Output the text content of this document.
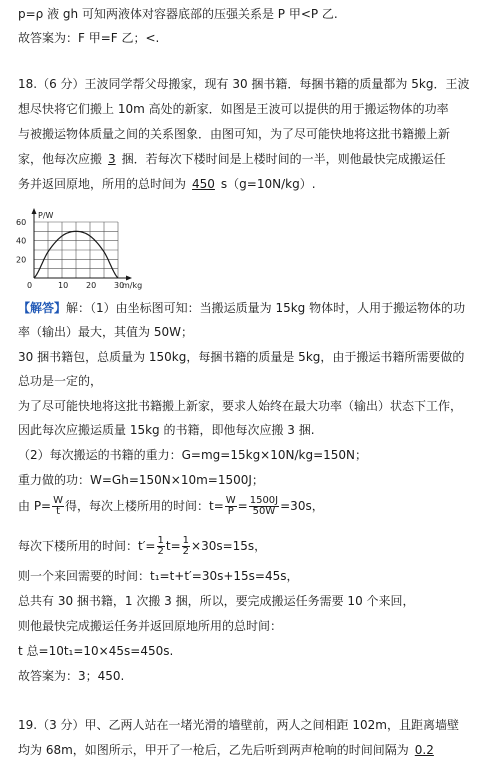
p=ρ 液 gh 可知两液体对容器底部的压强关系是 P 甲<P 乙.
故答案为：F 甲=F 乙；<.
18.（6 分）王波同学帮父母搬家，现有 30 捆书籍．每捆书籍的质量都为 5kg．王波
想尽快将它们搬上 10m 高处的新家．如图是王波可以提供的用于搬运物体的功率
与被搬运物体质量之间的关系图象．由图可知，为了尽可能快地将这批书籍搬上新
家，他每次应搬 3 捆．若每次下楼时间是上楼时间的一半，则他最快完成搬运任
务并返回原地，所用的总时间为 450 s（g=10N/kg）.
P/W
m/kg
0	10 20 30
20
40
60
【解答】解：（1）由坐标图可知：当搬运质量为 15kg 物体时，人用于搬运物体的功
率（输出）最大，其值为 50W；
30 捆书籍包，总质量为 150kg，每捆书籍的质量是 5kg，由于搬运书籍所需要做的
总功是一定的，
为了尽可能快地将这批书籍搬上新家，要求人始终在最大功率（输出）状态下工作，
因此每次应搬运质量 15kg 的书籍，即他每次应搬 3 捆.
（2）每次搬运的书籍的重力：G=mg=15kg×10N/kg=150N；
重力做的功：W=Gh=150N×10m=1500J；
由 $P= \frac{W}{t}$ 得，每次上楼所用的时间：$t= \frac{W}{P} = \frac{1500J}{50W} =30s$，
每次下楼所用的时间：$t'= \frac{1}{2} t= \frac{1}{2} \times 30s=15s$，
则一个来回需要的时间：t₁=t+t′=30s+15s=45s，
总共有 30 捆书籍，1 次搬 3 捆，所以，要完成搬运任务需要 10 个来回，
则他最快完成搬运任务并返回原地所用的总时间：
t 总=10t₁=10×45s=450s.
故答案为：3；450.
19.（3 分）甲、乙两人站在一堵光滑的墙壁前，两人之间相距 102m，且距离墙壁
均为 68m，如图所示，甲开了一枪后，乙先后听到两声枪响的时间间隔为 0.2
